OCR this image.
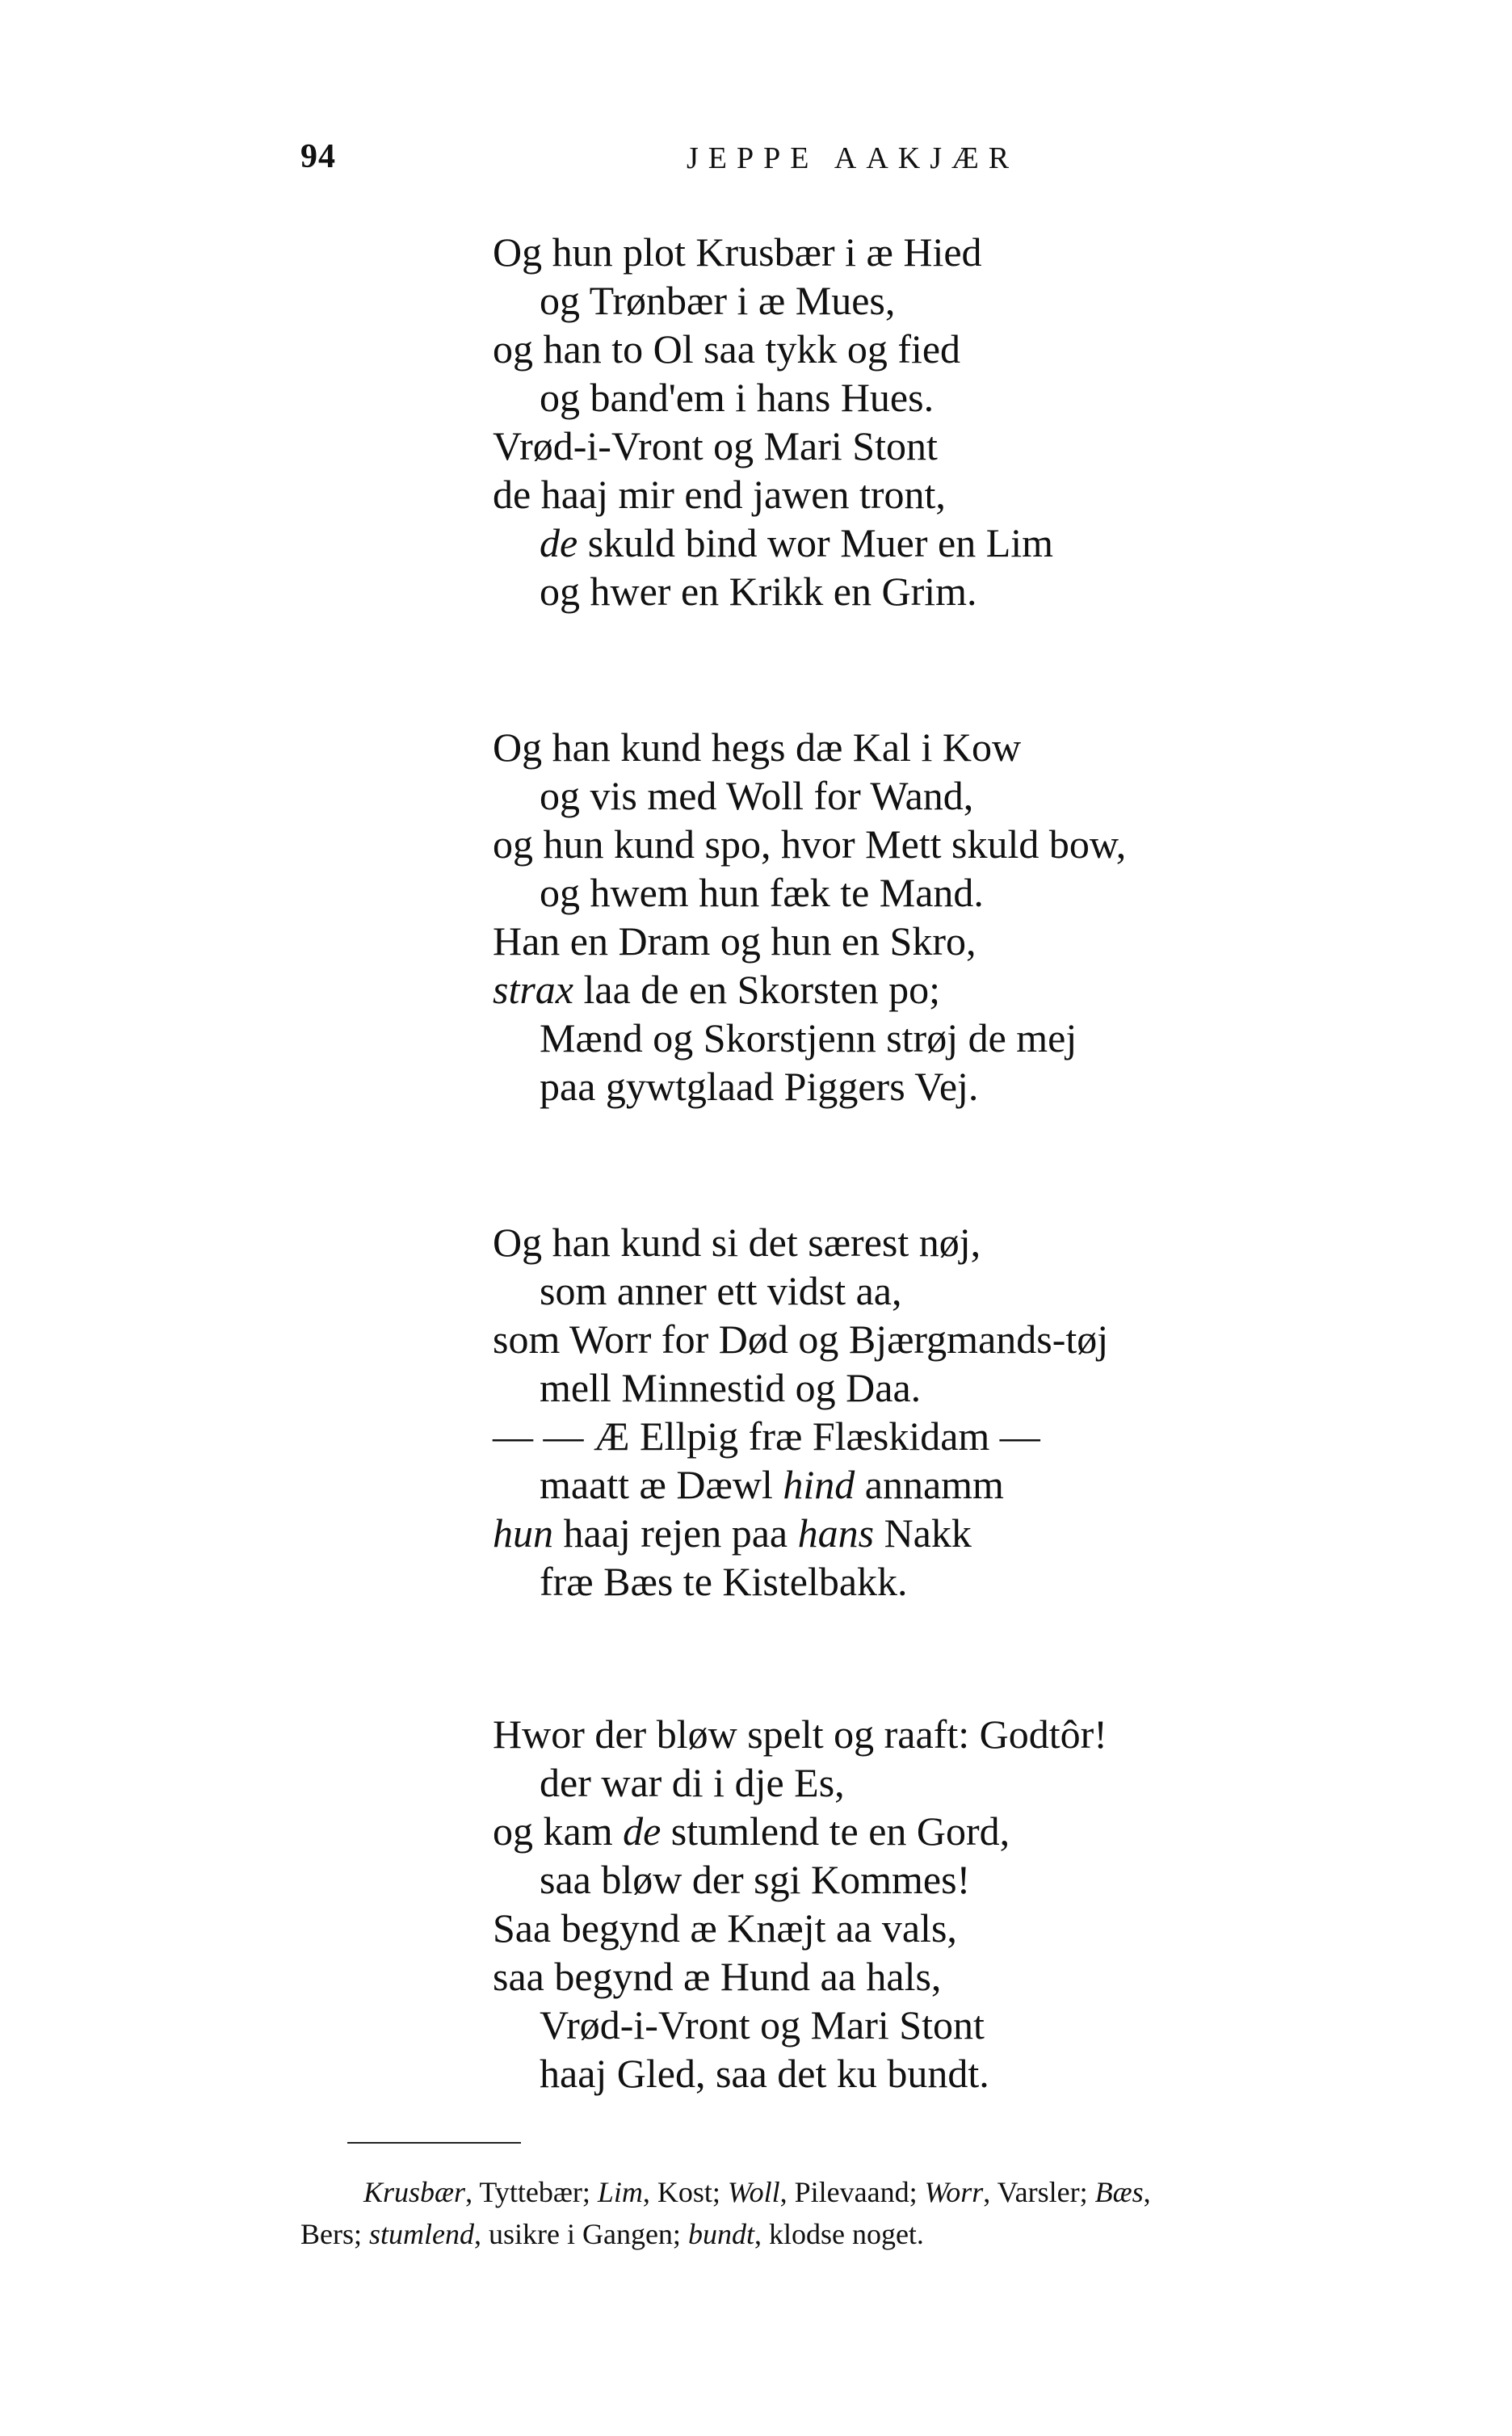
94	JEPPE AAKJÆR
Og hun plot Krusbær i æ Hied
og Trønbær i æ Mues,
og han to Ol saa tykk og fied
og band'em i hans Hues.
Vrød-i-Vront og Mari Stont
de haaj mir end jawen tront,
de skuld bind wor Muer en Lim
og hwer en Krikk en Grim.
Og han kund hegs dæ Kal i Kow
og vis med Woll for Wand,
og hun kund spo, hvor Mett skuld bow,
og hwem hun fæk te Mand.
Han en Dram og hun en Skro,
strax laa de en Skorsten po;
Mænd og Skorstjenn strøj de mej
paa gywtglaad Piggers Vej.
Og han kund si det særest nøj,
som anner ett vidst aa,
som Worr for Død og Bjærgmands-tøj
mell Minnestid og Daa.
— — Æ Ellpig fræ Flæskidam —
maatt æ Dæwl hind annamm
hun haaj rejen paa hans Nakk
fræ Bæs te Kistelbakk.
Hwor der bløw spelt og raaft: Godtôr!
der war di i dje Es,
og kam de stumlend te en Gord,
saa bløw der sgi Kommes!
Saa begynd æ Knæjt aa vals,
saa begynd æ Hund aa hals,
Vrød-i-Vront og Mari Stont
haaj Gled, saa det ku bundt.
Krusbær, Tyttebær; Lim, Kost; Woll, Pilevaand; Worr, Varsler; Bæs,
Bers; stumlend, usikre i Gangen; bundt, klodse noget.
